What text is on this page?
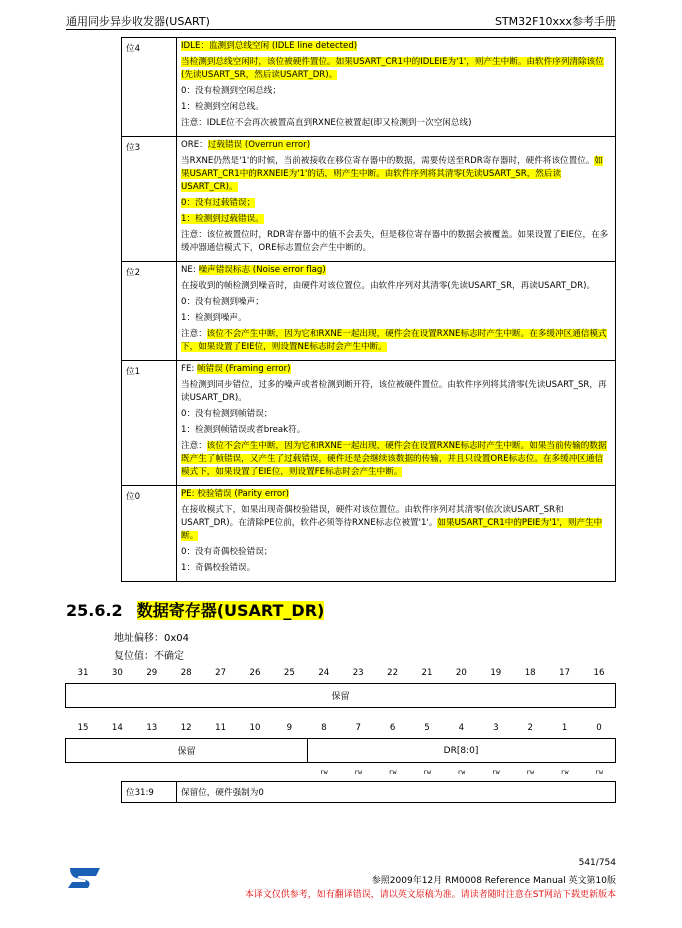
通用同步异步收发器(USART)	STM32F10xxx参考手册
位4	IDLE：监测到总线空闲 (IDLE line detected)
当检测到总线空闲时，该位被硬件置位。如果USART_CR1中的IDLEIE为'1'，则产生中断。由软件序列清除该位(先读USART_SR，然后读USART_DR)。
0：没有检测到空闲总线；
1：检测到空闲总线。
注意：IDLE位不会再次被置高直到RXNE位被置起(即又检测到一次空闲总线)

位3	ORE：过载错误 (Overrun error)
当RXNE仍然是'1'的时候，当前被接收在移位寄存器中的数据，需要传送至RDR寄存器时，硬件将该位置位。如果USART_CR1中的RXNEIE为'1'的话，则产生中断。由软件序列将其清零(先读USART_SR，然后读USART_CR)。
0：没有过载错误；
1：检测到过载错误。
注意：该位被置位时，RDR寄存器中的值不会丢失，但是移位寄存器中的数据会被覆盖。如果设置了EIE位，在多缓冲器通信模式下，ORE标志置位会产生中断的。

位2	NE: 噪声错误标志 (Noise error flag)
在接收到的帧检测到噪音时，由硬件对该位置位。由软件序列对其清零(先读USART_SR，再读USART_DR)。
0：没有检测到噪声；
1：检测到噪声。
注意：该位不会产生中断，因为它和RXNE一起出现，硬件会在设置RXNE标志时产生中断。在多缓冲区通信模式下，如果设置了EIE位，则设置NE标志时会产生中断。

位1	FE: 帧错误 (Framing error)
当检测到同步错位，过多的噪声或者检测到断开符，该位被硬件置位。由软件序列将其清零(先读USART_SR，再读USART_DR)。
0：没有检测到帧错误；
1：检测到帧错误或者break符。
注意：该位不会产生中断，因为它和RXNE一起出现，硬件会在设置RXNE标志时产生中断。如果当前传输的数据既产生了帧错误，又产生了过载错误，硬件还是会继续该数据的传输，并且只设置ORE标志位。在多缓冲区通信模式下，如果设置了EIE位，则设置FE标志时会产生中断。

位0	PE: 校验错误 (Parity error)
在接收模式下，如果出现奇偶校验错误，硬件对该位置位。由软件序列对其清零(依次读USART_SR和USART_DR)。在清除PE位前，软件必须等待RXNE标志位被置'1'。如果USART_CR1中的PEIE为'1'，则产生中断。
0：没有奇偶校验错误；
1：奇偶校验错误。
25.6.2 数据寄存器(USART_DR)
地址偏移：0x04
复位值：不确定
31	30	29	28	27	26	25	24	23	22	21	20	19	18	17	16
保留
15	14	13	12	11	10	9	8	7	6	5	4	3	2	1	0
保留	DR[8:0]
rw	rw	rw	rw	rw	rw	rw	rw	rw
位31:9	保留位，硬件强制为0
541/754
参照2009年12月 RM0008 Reference Manual 英文第10版
本译文仅供参考，如有翻译错误，请以英文原稿为准。请读者随时注意在ST网站下载更新版本
